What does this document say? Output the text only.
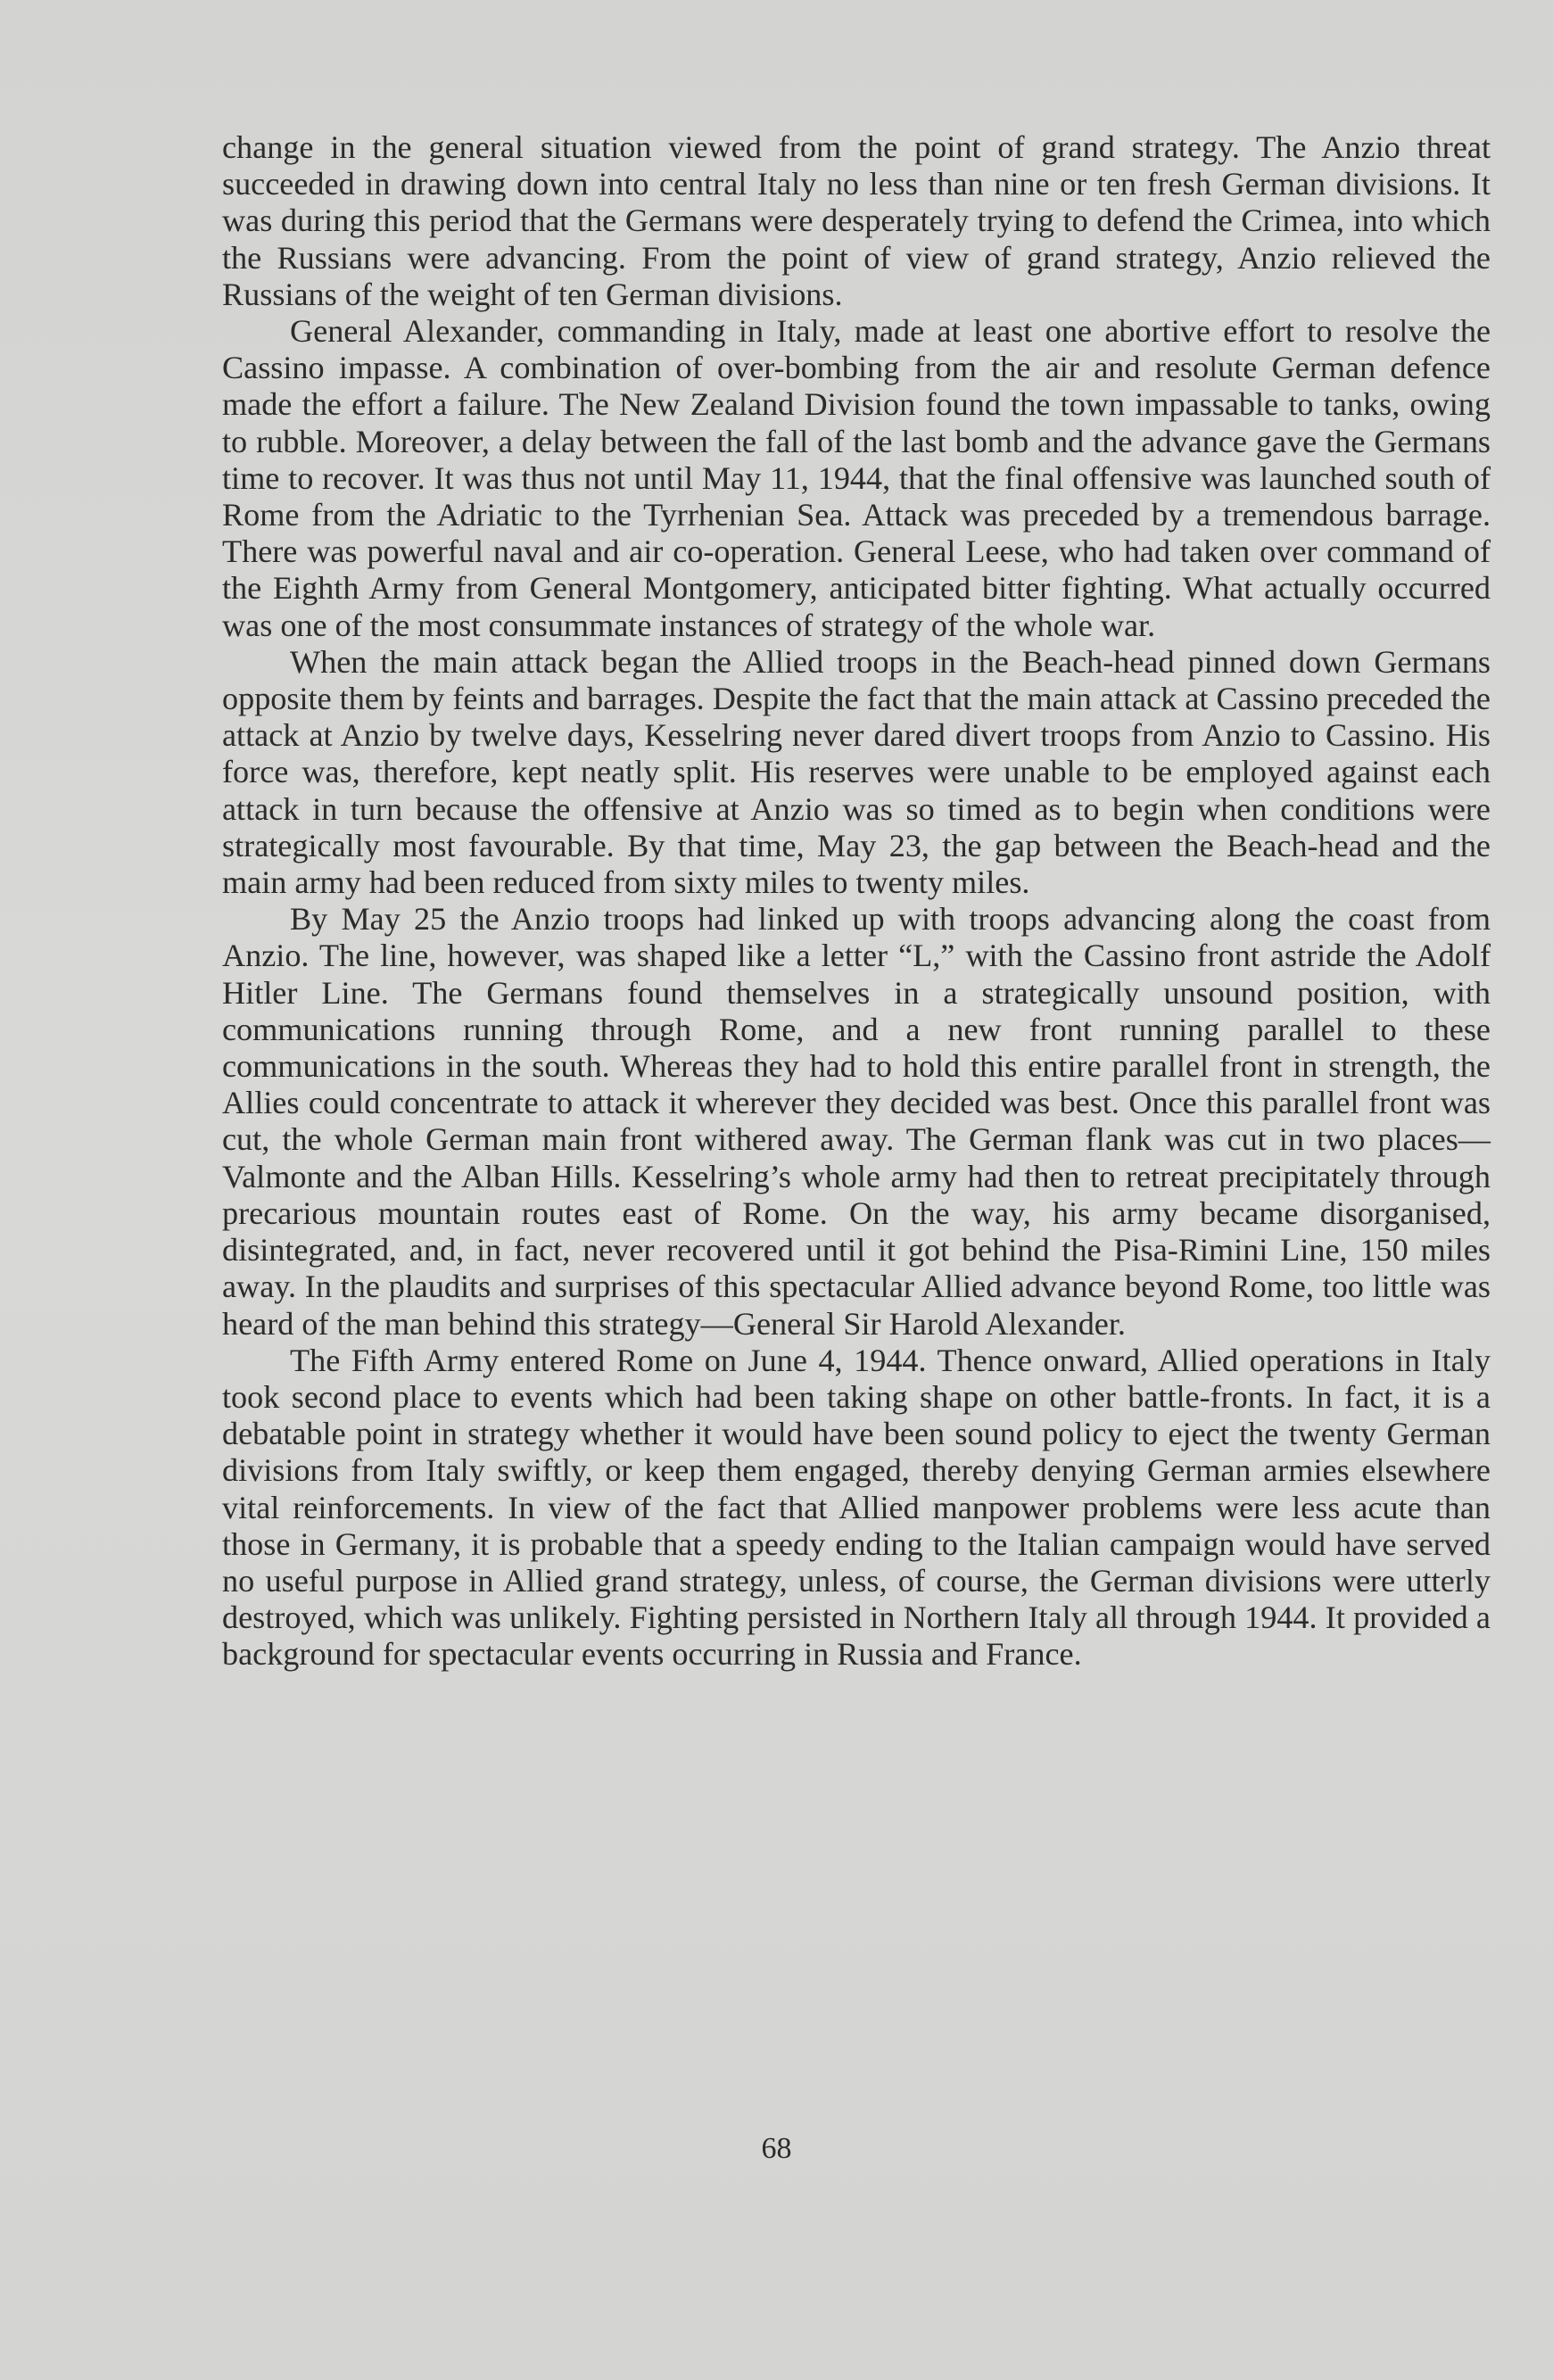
change in the general situation viewed from the point of grand strategy. The Anzio threat succeeded in drawing down into central Italy no less than nine or ten fresh German divisions. It was during this period that the Germans were desperately trying to defend the Crimea, into which the Russians were advancing. From the point of view of grand strategy, Anzio relieved the Russians of the weight of ten German divisions.

General Alexander, commanding in Italy, made at least one abortive effort to resolve the Cassino impasse. A combination of over-bombing from the air and resolute German defence made the effort a failure. The New Zealand Division found the town impassable to tanks, owing to rubble. Moreover, a delay between the fall of the last bomb and the advance gave the Germans time to recover. It was thus not until May 11, 1944, that the final offensive was launched south of Rome from the Adriatic to the Tyrrhenian Sea. Attack was preceded by a tremendous barrage. There was powerful naval and air co-operation. General Leese, who had taken over command of the Eighth Army from General Montgomery, anticipated bitter fighting. What actually occurred was one of the most consummate instances of strategy of the whole war.

When the main attack began the Allied troops in the Beach-head pinned down Germans opposite them by feints and barrages. Despite the fact that the main attack at Cassino preceded the attack at Anzio by twelve days, Kesselring never dared divert troops from Anzio to Cassino. His force was, therefore, kept neatly split. His reserves were unable to be employed against each attack in turn because the offensive at Anzio was so timed as to begin when conditions were strategically most favourable. By that time, May 23, the gap between the Beach-head and the main army had been reduced from sixty miles to twenty miles.

By May 25 the Anzio troops had linked up with troops advancing along the coast from Anzio. The line, however, was shaped like a letter “L,” with the Cassino front astride the Adolf Hitler Line. The Germans found themselves in a strategically unsound position, with communications running through Rome, and a new front running parallel to these communications in the south. Whereas they had to hold this entire parallel front in strength, the Allies could concentrate to attack it wherever they decided was best. Once this parallel front was cut, the whole German main front withered away. The German flank was cut in two places—Valmonte and the Alban Hills. Kesselring’s whole army had then to retreat precipitately through precarious mountain routes east of Rome. On the way, his army became disorganised, disintegrated, and, in fact, never recovered until it got behind the Pisa-Rimini Line, 150 miles away. In the plaudits and surprises of this spectacular Allied advance beyond Rome, too little was heard of the man behind this strategy—General Sir Harold Alexander.

The Fifth Army entered Rome on June 4, 1944. Thence onward, Allied operations in Italy took second place to events which had been taking shape on other battle-fronts. In fact, it is a debatable point in strategy whether it would have been sound policy to eject the twenty German divisions from Italy swiftly, or keep them engaged, thereby denying German armies elsewhere vital reinforcements. In view of the fact that Allied manpower problems were less acute than those in Germany, it is probable that a speedy ending to the Italian campaign would have served no useful purpose in Allied grand strategy, unless, of course, the German divisions were utterly destroyed, which was unlikely. Fighting persisted in Northern Italy all through 1944. It provided a background for spectacular events occurring in Russia and France.

68
